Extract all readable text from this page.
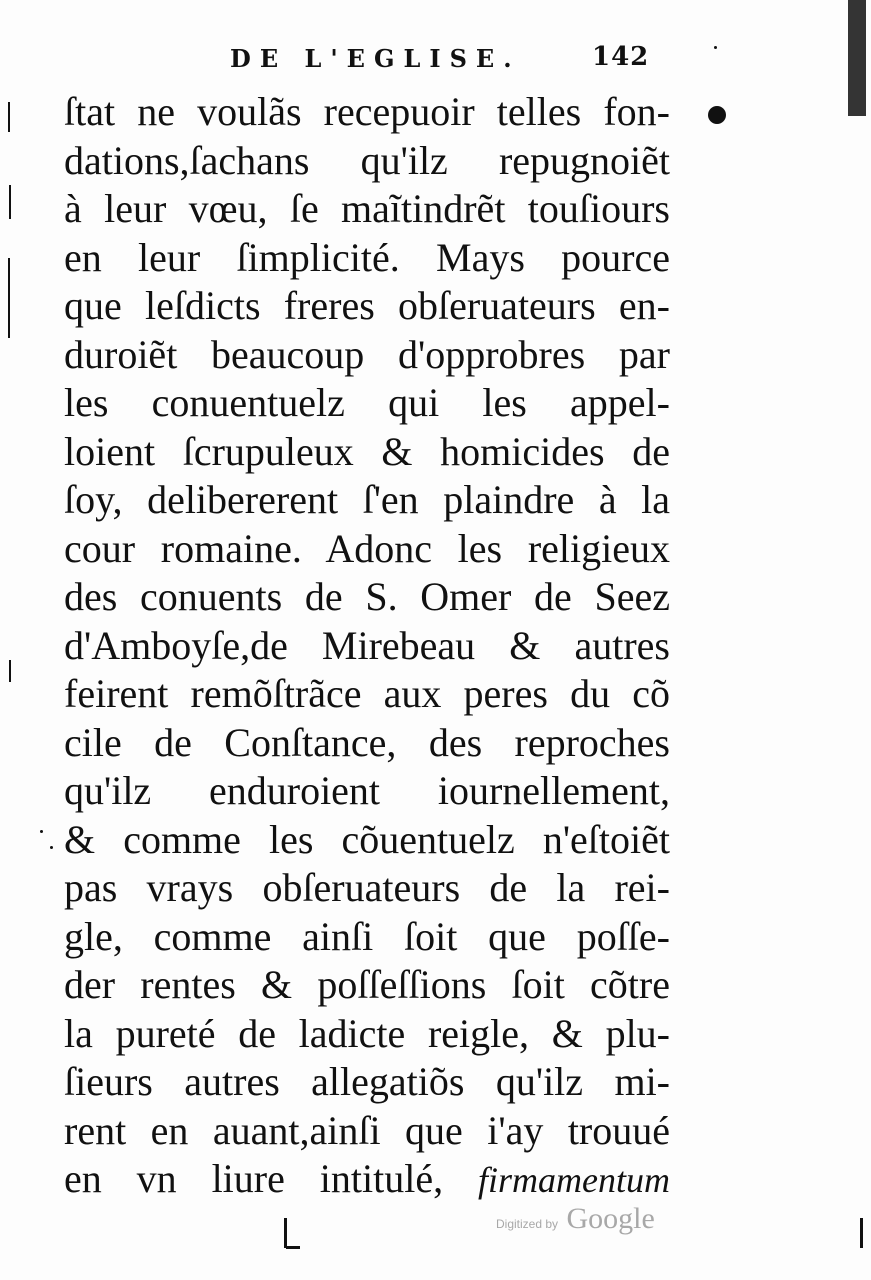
DE L'EGLISE.	142
ſtat ne voulãs recepuoir telles fon-
dations,ſachans qu'ilz repugnoiẽt
à leur vœu, ſe maĩtindrẽt touſiours
en leur ſimplicité. Mays pource
que leſdicts freres obſeruateurs en-
duroiẽt beaucoup d'opprobres par
les conuentuelz qui les appel-
loient ſcrupuleux & homicides de
ſoy, delibererent ſ'en plaindre à la
cour romaine. Adonc les religieux
des conuents de S. Omer de Seez
d'Amboyſe,de Mirebeau & autres
feirent remõſtrãce aux peres du cõ
cile de Conſtance, des reproches
qu'ilz enduroient iournellement,
& comme les cõuentuelz n'eſtoiẽt
pas vrays obſeruateurs de la rei-
gle, comme ainſi ſoit que poſſe-
der rentes & poſſeſſions ſoit cõtre
la pureté de ladicte reigle, & plu-
ſieurs autres allegatiõs qu'ilz mi-
rent en auant,ainſi que i'ay trouué
en vn liure intitulé, firmamentum
Digitized by Google
